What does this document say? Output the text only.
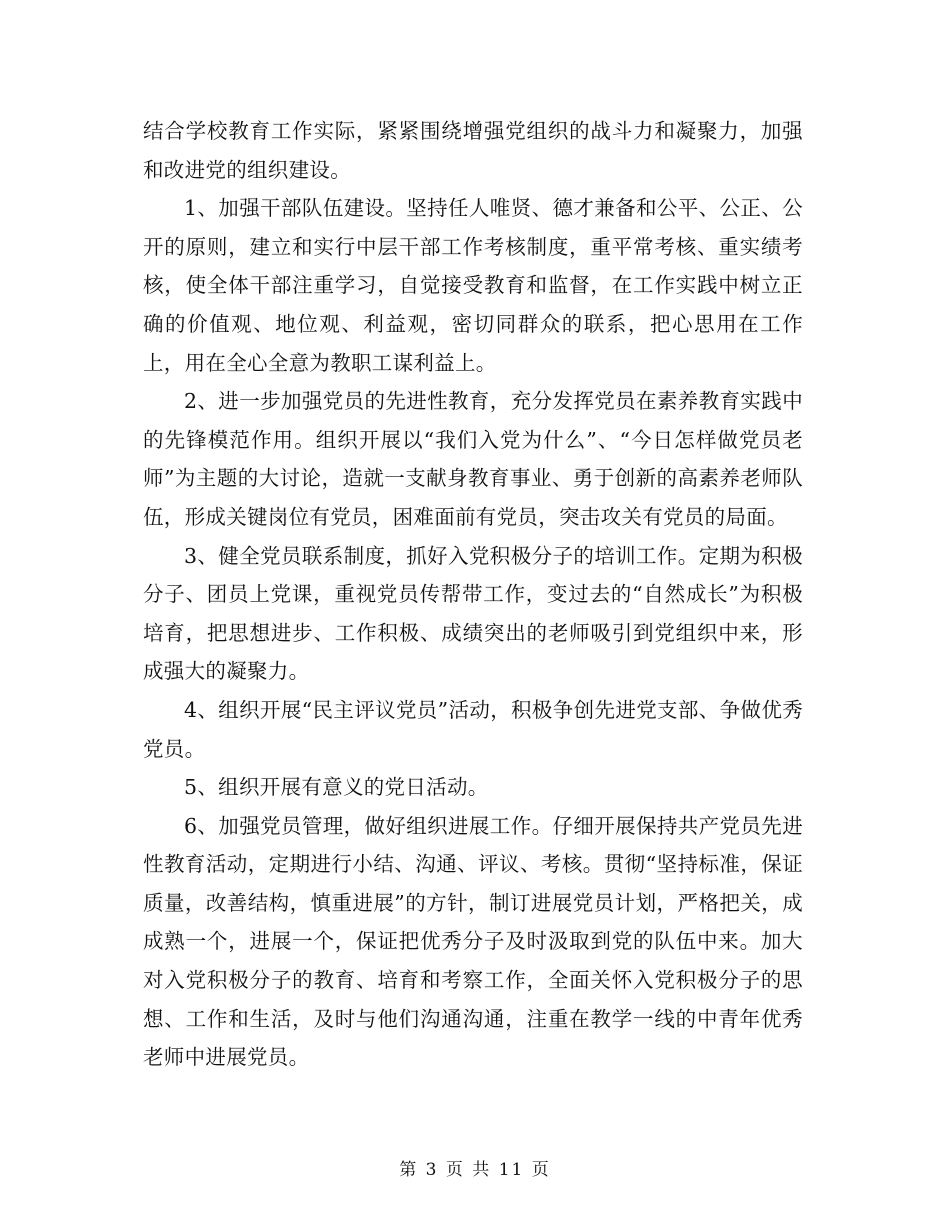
结合学校教育工作实际，紧紧围绕增强党组织的战斗力和凝聚力，加强和改进党的组织建设。

1、加强干部队伍建设。坚持任人唯贤、德才兼备和公平、公正、公开的原则，建立和实行中层干部工作考核制度，重平常考核、重实绩考核，使全体干部注重学习，自觉接受教育和监督，在工作实践中树立正确的价值观、地位观、利益观，密切同群众的联系，把心思用在工作上，用在全心全意为教职工谋利益上。

2、进一步加强党员的先进性教育，充分发挥党员在素养教育实践中的先锋模范作用。组织开展以“我们入党为什么”、“今日怎样做党员老师”为主题的大讨论，造就一支献身教育事业、勇于创新的高素养老师队伍，形成关键岗位有党员，困难面前有党员，突击攻关有党员的局面。

3、健全党员联系制度，抓好入党积极分子的培训工作。定期为积极分子、团员上党课，重视党员传帮带工作，变过去的“自然成长”为积极培育，把思想进步、工作积极、成绩突出的老师吸引到党组织中来，形成强大的凝聚力。

4、组织开展“民主评议党员”活动，积极争创先进党支部、争做优秀党员。

5、组织开展有意义的党日活动。

6、加强党员管理，做好组织进展工作。仔细开展保持共产党员先进性教育活动，定期进行小结、沟通、评议、考核。贯彻“坚持标准，保证质量，改善结构，慎重进展”的方针，制订进展党员计划，严格把关，成成熟一个，进展一个，保证把优秀分子及时汲取到党的队伍中来。加大对入党积极分子的教育、培育和考察工作，全面关怀入党积极分子的思想、工作和生活，及时与他们沟通沟通，注重在教学一线的中青年优秀老师中进展党员。

第 3 页 共 11 页
